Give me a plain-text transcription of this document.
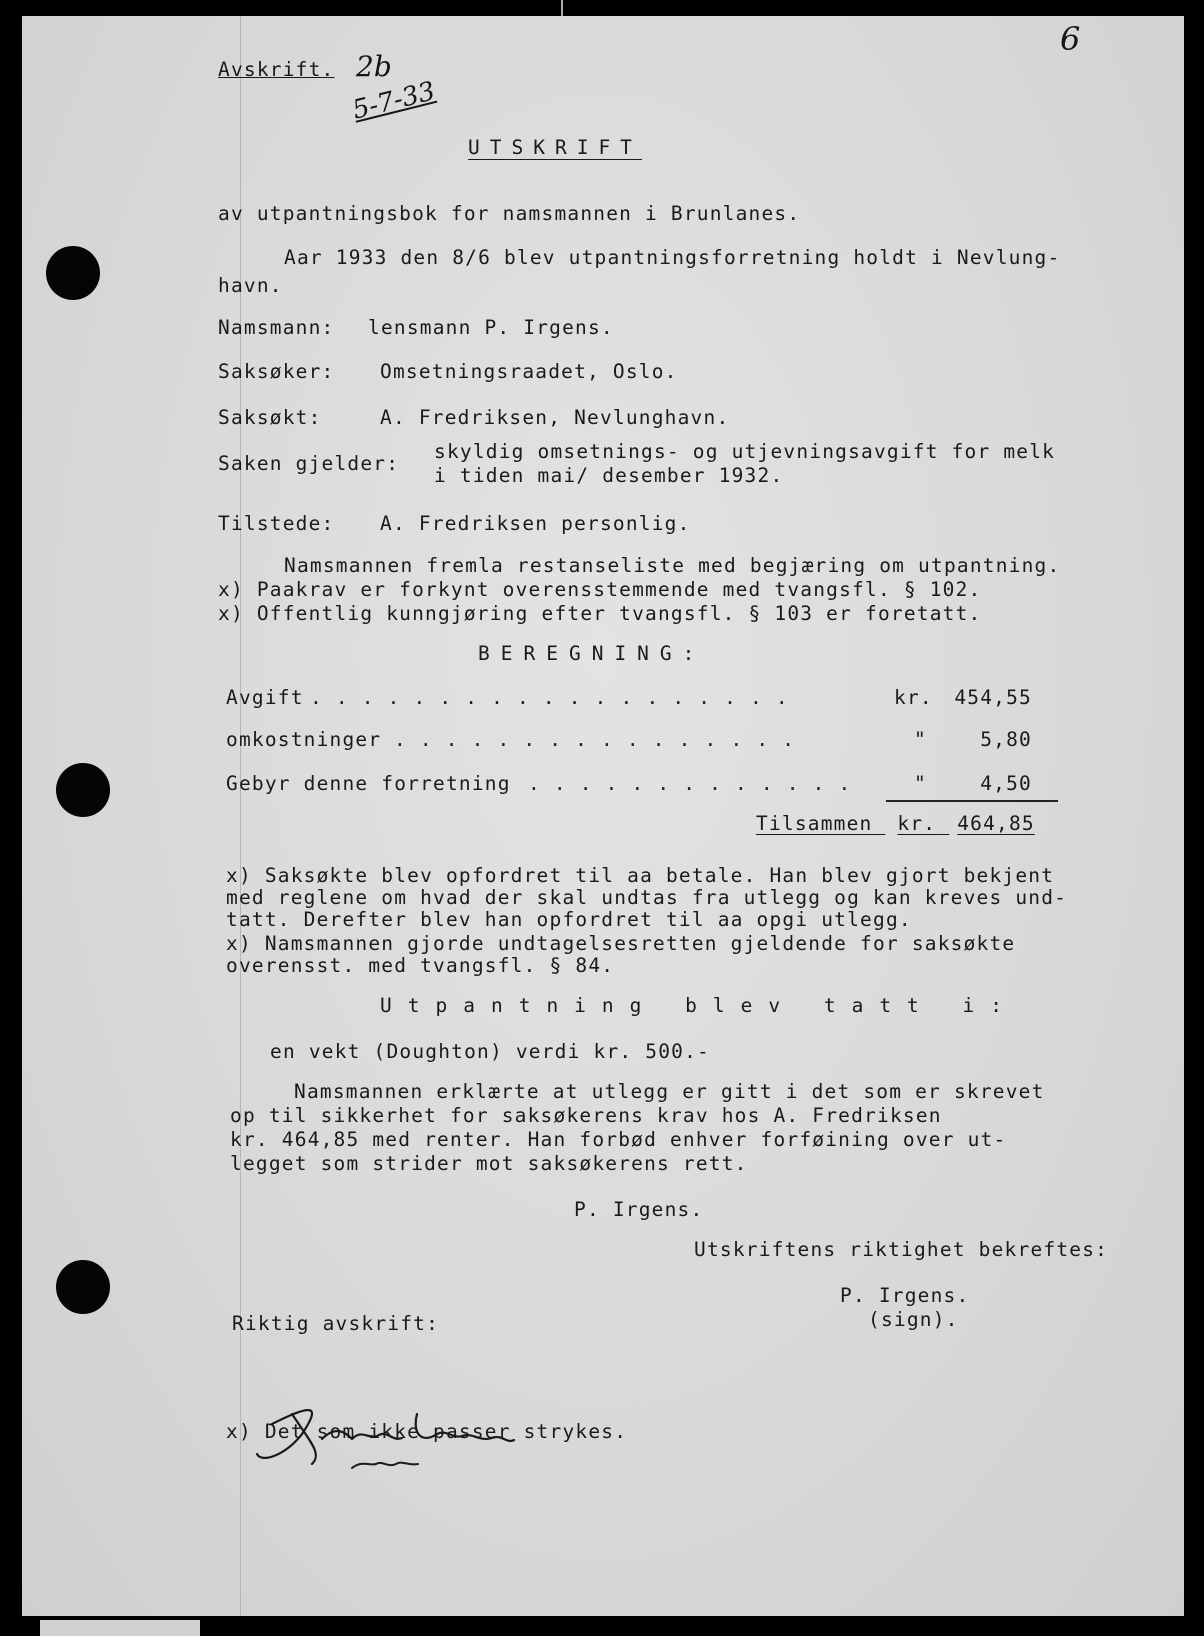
Avskrift. 2b
5-7-33
6
UTSKRIFT
av utpantningsbok for namsmannen i Brunlanes.
Aar 1933 den 8/6 blev utpantningsforretning holdt i Nevlung-
havn.
Namsmann: lensmann P. Irgens.
Saksøker: Omsetningsraadet, Oslo.
Saksøkt:	A. Fredriksen, Nevlunghavn.
Saken gjelder:
skyldig omsetnings- og utjevningsavgift for melk
i tiden mai/ desember 1932.
Tilstede: A. Fredriksen personlig.
Namsmannen fremla restanseliste med begjæring om utpantning.
x) Paakrav er forkynt overensstemmende med tvangsfl. § 102.
x) Offentlig kunngjøring efter tvangsfl. § 103 er foretatt.
BEREGNING:
Avgift . . . . . . . . . . . . . . . . . . .	kr. 454,55
omkostninger . . . . . . . . . . . . . . . .	"	5,80
Gebyr denne forretning . . . . . . . . . . . . .	"	4,50
Tilsammen kr. 464,85
x) Saksøkte blev opfordret til aa betale. Han blev gjort bekjent
med reglene om hvad der skal undtas fra utlegg og kan kreves und-
tatt. Derefter blev han opfordret til aa opgi utlegg.
x) Namsmannen gjorde undtagelsesretten gjeldende for saksøkte
overensst. med tvangsfl. § 84.
Utpantning blev tatt i:
en vekt (Doughton) verdi kr. 500.-
Namsmannen erklærte at utlegg er gitt i det som er skrevet
op til sikkerhet for saksøkerens krav hos A. Fredriksen
kr. 464,85 med renter. Han forbød enhver forføining over ut-
legget som strider mot saksøkerens rett.
P. Irgens.
Utskriftens riktighet bekreftes:
P. Irgens.
(sign).
Riktig avskrift:
x) Det som ikke passer strykes.
